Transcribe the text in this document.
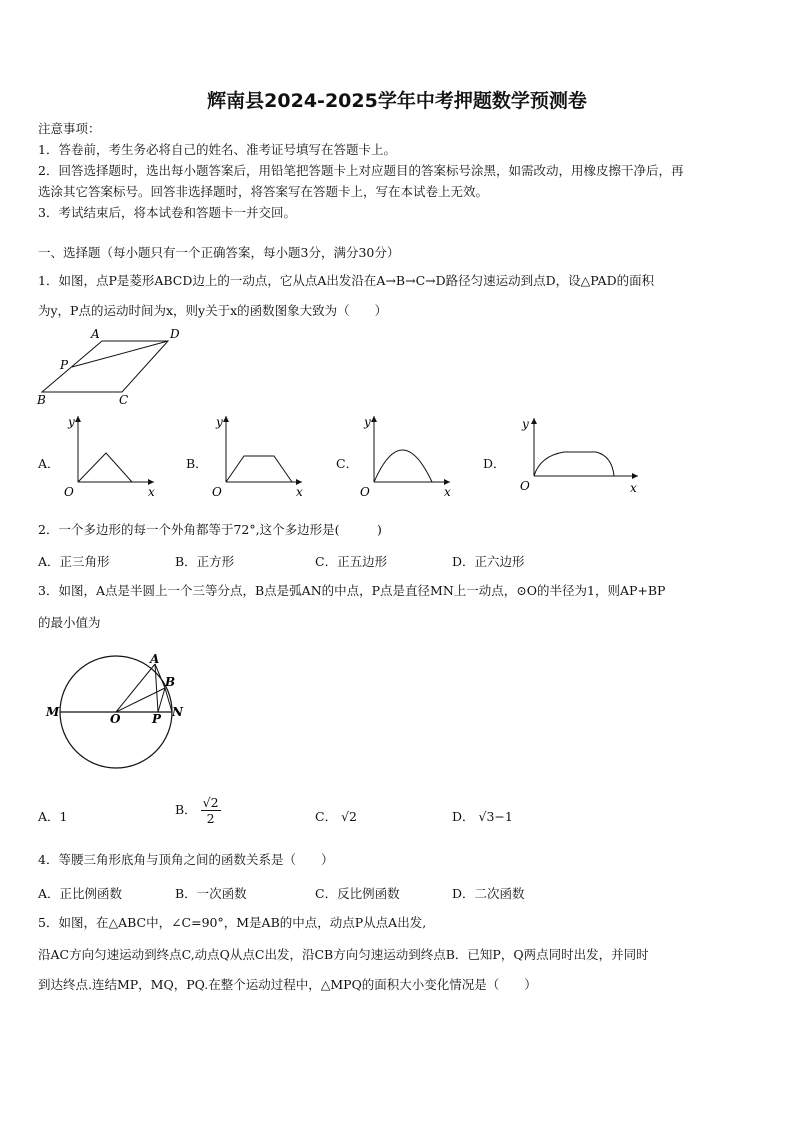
辉南县2024-2025学年中考押题数学预测卷
注意事项：
1．答卷前，考生务必将自己的姓名、准考证号填写在答题卡上。
2．回答选择题时，选出每小题答案后，用铅笔把答题卡上对应题目的答案标号涂黑，如需改动，用橡皮擦干净后，再
选涂其它答案标号。回答非选择题时，将答案写在答题卡上，写在本试卷上无效。
3．考试结束后，将本试卷和答题卡一并交回。
一、选择题（每小题只有一个正确答案，每小题3分，满分30分）
1．如图，点P是菱形ABCD边上的一动点，它从点A出发沿在A→B→C→D路径匀速运动到点D，设△PAD的面积
为y，P点的运动时间为x，则y关于x的函数图象大致为（　　）
A	D
P
B	C
A．
y
O	x
B．
y
O	x
C．
y
O	x
D．
y
O	x
2．一个多边形的每一个外角都等于72°,这个多边形是(　　　)
A．正三角形	B．正方形	C．正五边形	D．正六边形
3．如图，A点是半圆上一个三等分点，B点是弧AN的中点，P点是直径MN上一动点，⊙O的半径为1，则AP+BP
的最小值为
A
B
M	O	P N
A．1	B． $\frac{√2}{2}$	C． √2	D． √3−1
4．等腰三角形底角与顶角之间的函数关系是（　　）
A．正比例函数	B．一次函数	C．反比例函数	D．二次函数
5．如图，在△ABC中，∠C=90°，M是AB的中点，动点P从点A出发,
沿AC方向匀速运动到终点C,动点Q从点C出发，沿CB方向匀速运动到终点B．已知P，Q两点同时出发，并同时
到达终点.连结MP，MQ，PQ.在整个运动过程中，△MPQ的面积大小变化情况是（　　）
